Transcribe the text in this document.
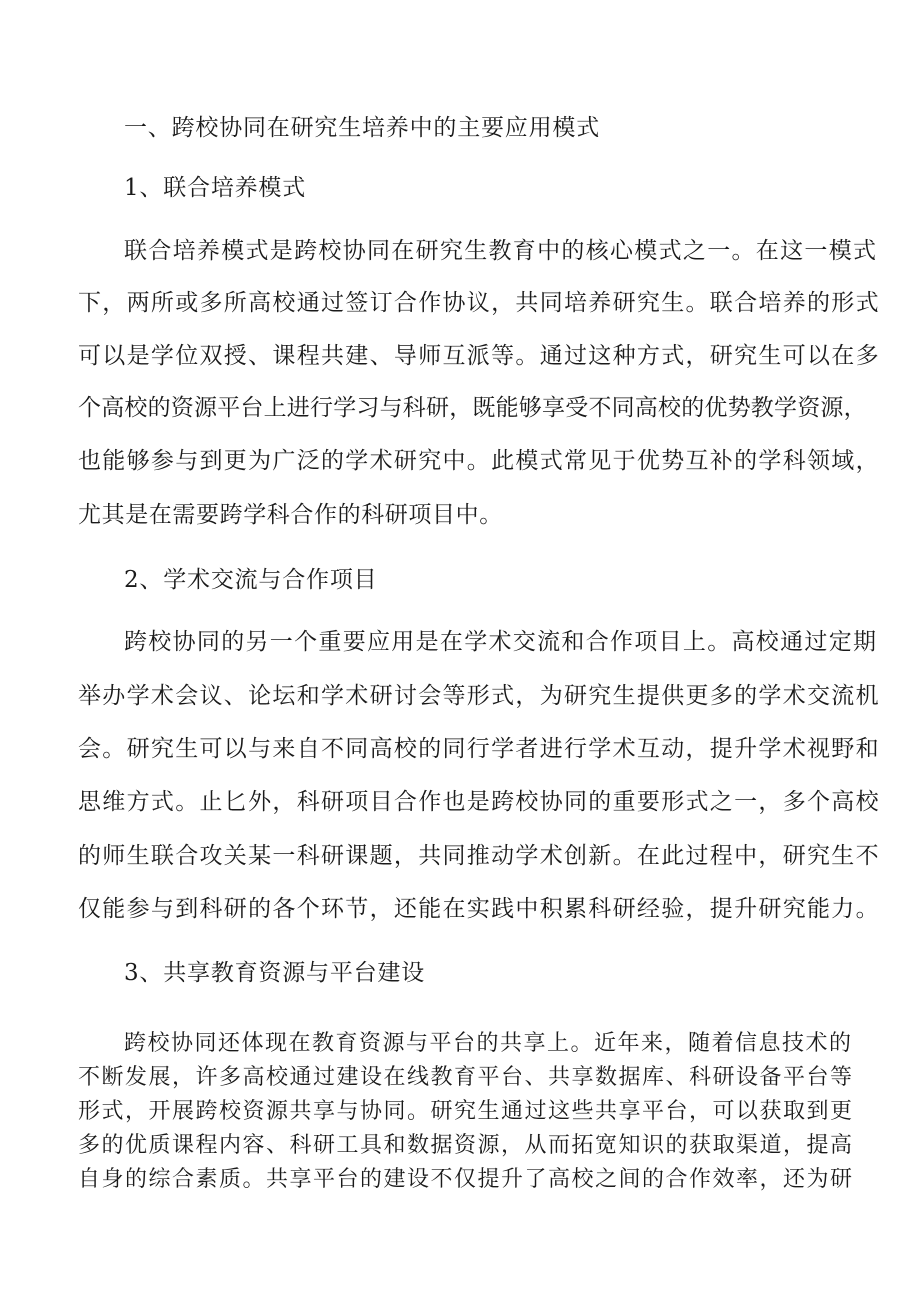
一、跨校协同在研究生培养中的主要应用模式
1、联合培养模式
联合培养模式是跨校协同在研究生教育中的核心模式之一。在这一模式
下，两所或多所高校通过签订合作协议，共同培养研究生。联合培养的形式
可以是学位双授、课程共建、导师互派等。通过这种方式，研究生可以在多
个高校的资源平台上进行学习与科研，既能够享受不同高校的优势教学资源，
也能够参与到更为广泛的学术研究中。此模式常见于优势互补的学科领域，
尤其是在需要跨学科合作的科研项目中。
2、学术交流与合作项目
跨校协同的另一个重要应用是在学术交流和合作项目上。高校通过定期
举办学术会议、论坛和学术研讨会等形式，为研究生提供更多的学术交流机
会。研究生可以与来自不同高校的同行学者进行学术互动，提升学术视野和
思维方式。止匕外，科研项目合作也是跨校协同的重要形式之一，多个高校
的师生联合攻关某一科研课题，共同推动学术创新。在此过程中，研究生不
仅能参与到科研的各个环节，还能在实践中积累科研经验，提升研究能力。
3、共享教育资源与平台建设
跨校协同还体现在教育资源与平台的共享上。近年来，随着信息技术的
不断发展，许多高校通过建设在线教育平台、共享数据库、科研设备平台等
形式，开展跨校资源共享与协同。研究生通过这些共享平台，可以获取到更
多的优质课程内容、科研工具和数据资源，从而拓宽知识的获取渠道，提高
自身的综合素质。共享平台的建设不仅提升了高校之间的合作效率，还为研
